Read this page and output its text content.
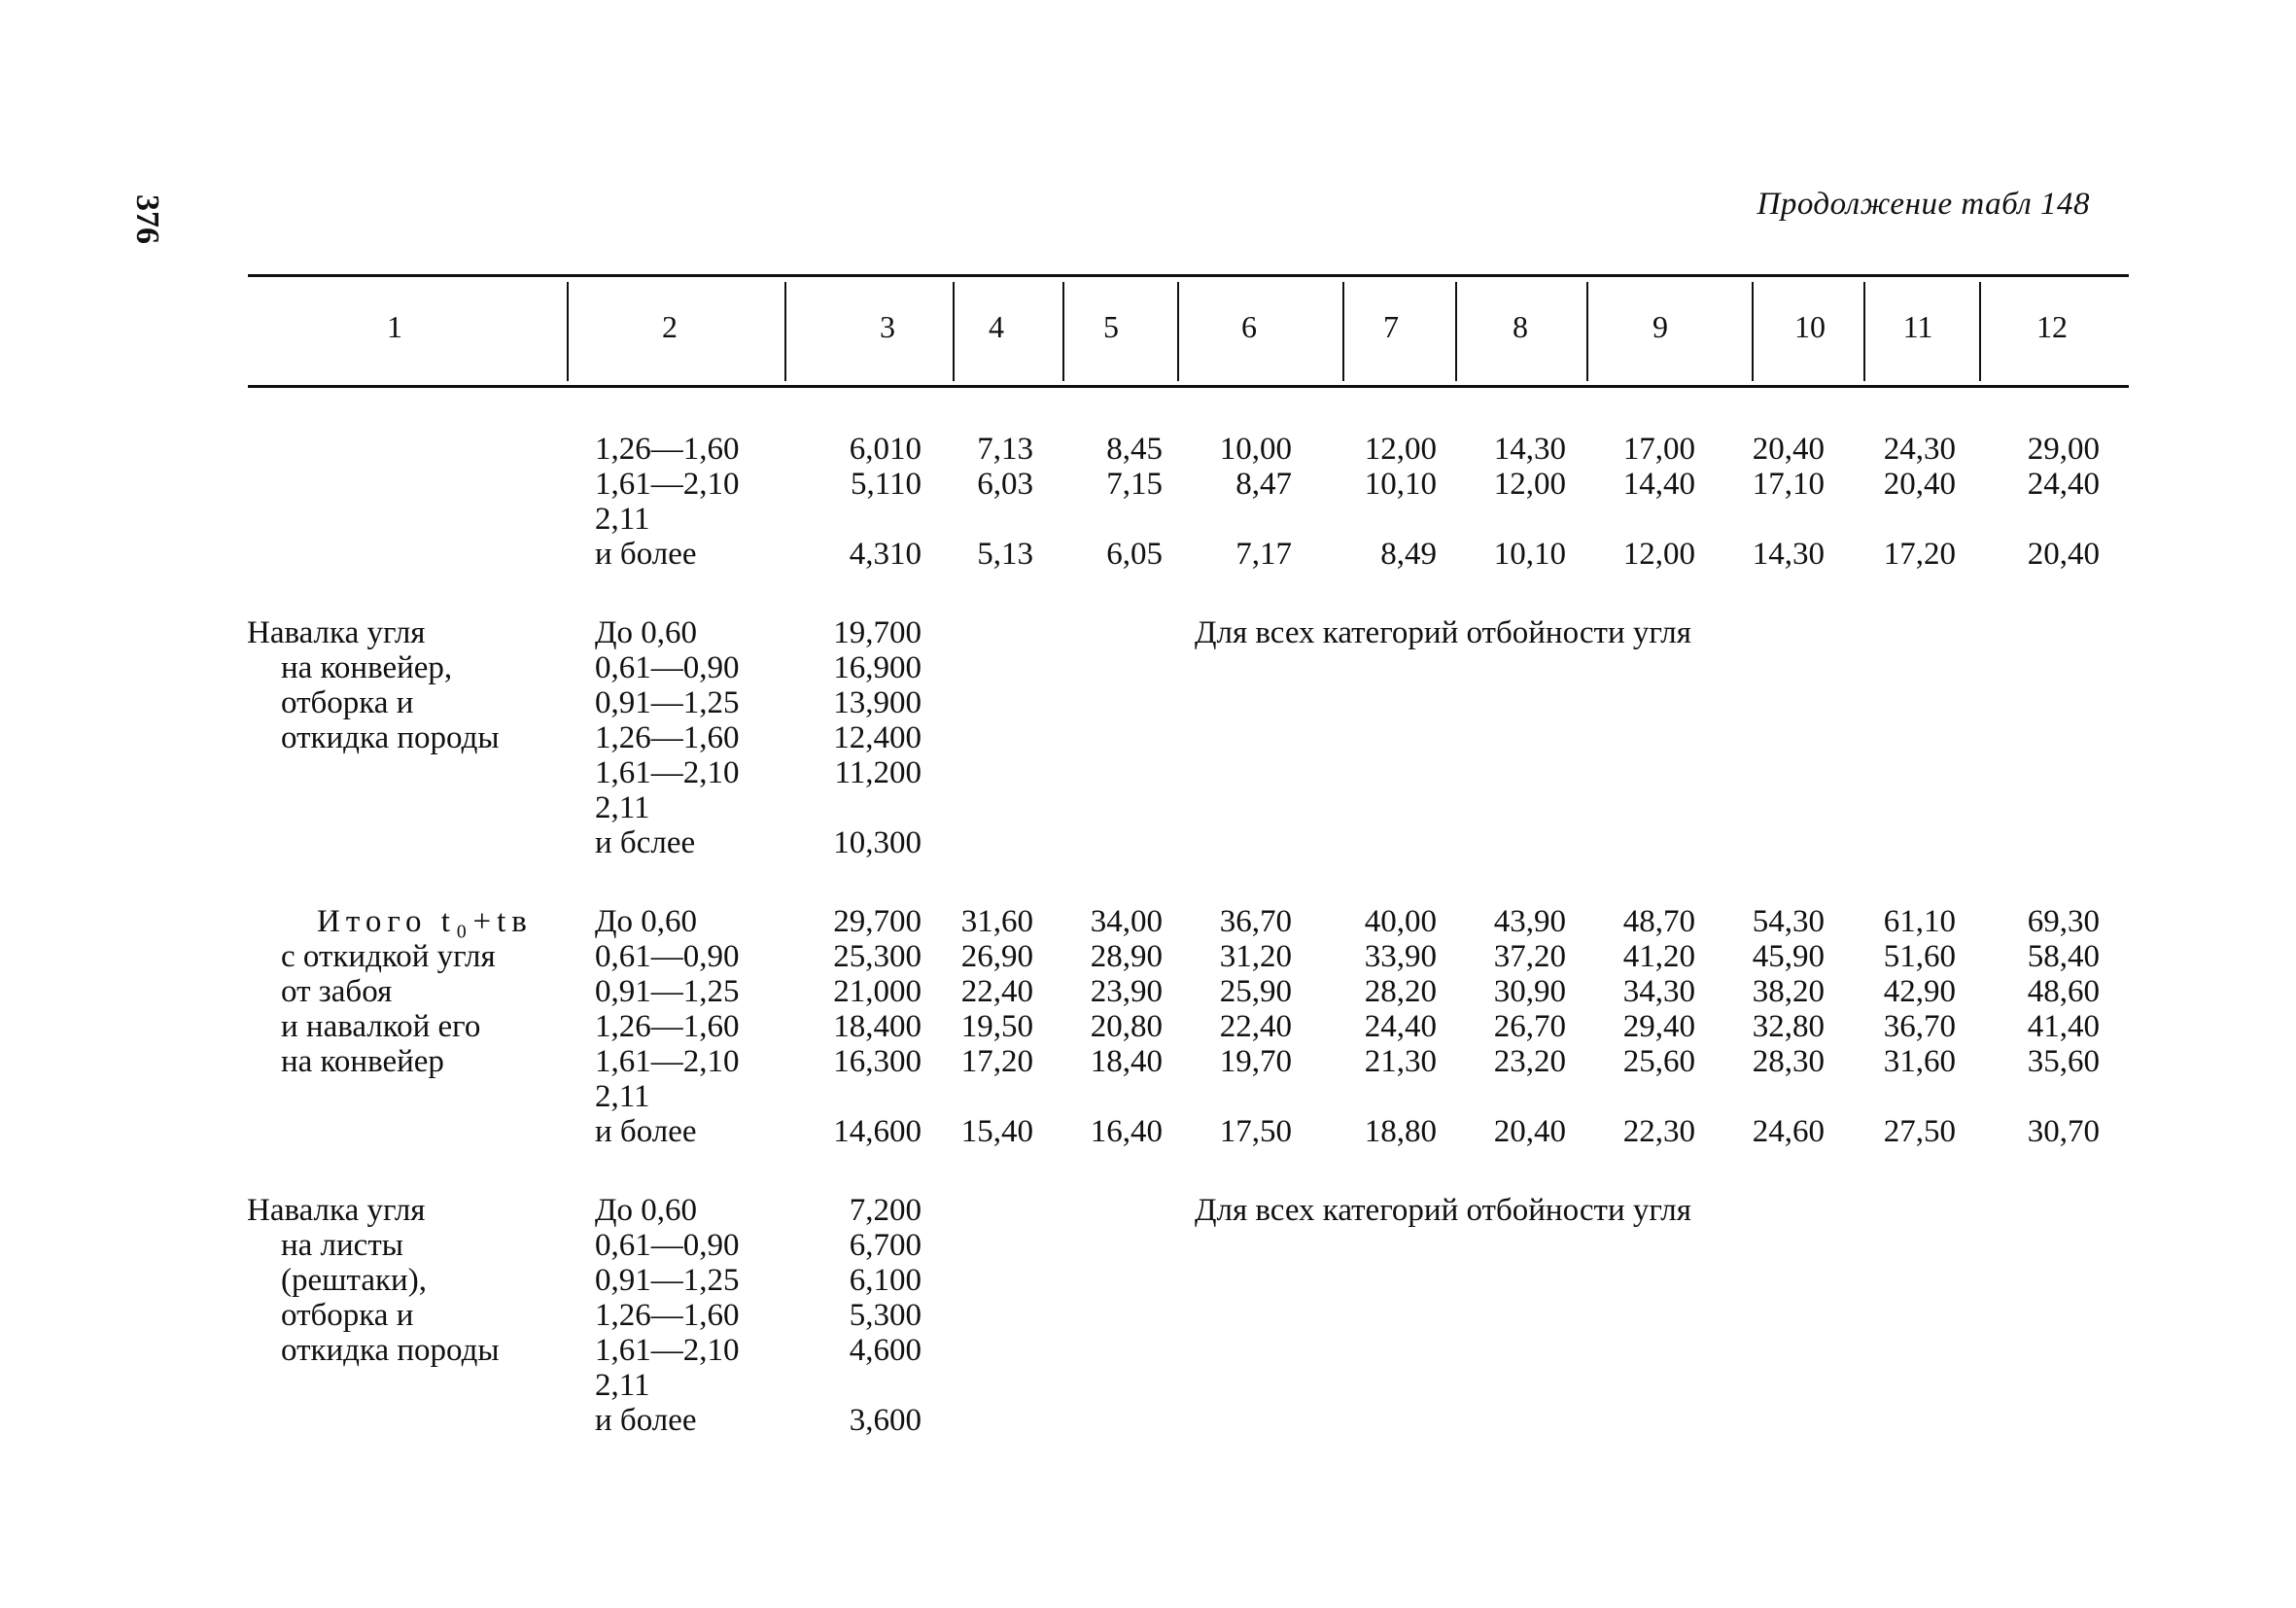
376	Продолжение табл 148
1	2	3	4	5	6	7	8	9	10 11	12
1,26—1,60	6,010 7,13 8,45 10,00 12,00 14,30 17,00 20,40 24,30 29,00
1,61—2,10	5,110 6,03 7,15 8,47 10,10 12,00 14,40 17,10 20,40 24,40
2,11
и более	4,310 5,13 6,05 7,17	8,49 10,10 12,00 14,30 17,20 20,40
Навалка угля
на конвейер,
отборка и
откидка породы
Для всех категорий отбойности угля
До 0,60	19,700
0,61—0,90	16,900
0,91—1,25	13,900
1,26—1,60	12,400
1,61—2,10	11,200
2,11
и бслее	10,300
Итого t₀+tв
с откидкой угля
от забоя
и навалкой его
на конвейер
До 0,60	29,700 31,60 34,00 36,70 40,00 43,90 48,70 54,30 61,10 69,30
0,61—0,90	25,300 26,90 28,90 31,20 33,90 37,20 41,20 45,90 51,60 58,40
0,91—1,25	21,000 22,40 23,90 25,90 28,20 30,90 34,30 38,20 42,90 48,60
1,26—1,60	18,400 19,50 20,80 22,40 24,40 26,70 29,40 32,80 36,70 41,40
1,61—2,10	16,300 17,20 18,40 19,70 21,30 23,20 25,60 28,30 31,60 35,60
2,11
и более	14,600 15,40 16,40 17,50 18,80 20,40 22,30 24,60 27,50 30,70
Навалка угля
на листы
(рештаки),
отборка и
откидка породы
Для всех категорий отбойности угля
До 0,60	7,200
0,61—0,90	6,700
0,91—1,25	6,100
1,26—1,60	5,300
1,61—2,10	4,600
2,11
и более	3,600
